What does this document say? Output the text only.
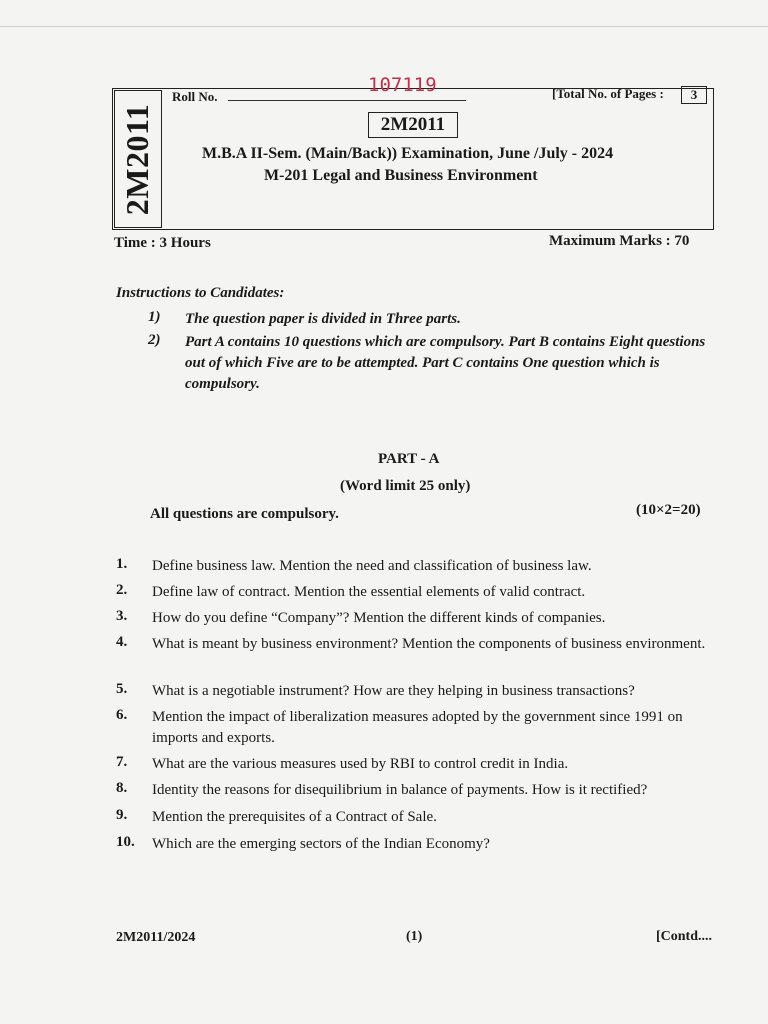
2M2011
Roll No.
107119	[Total No. of Pages :	3
2M2011
M.B.A II-Sem. (Main/Back)) Examination, June /July - 2024
M-201 Legal and Business Environment
Time : 3 Hours	Maximum Marks : 70
Instructions to Candidates:
1)	The question paper is divided in Three parts.
2)	Part A contains 10 questions which are compulsory. Part B contains Eight questions out of which Five are to be attempted. Part C contains One question which is compulsory.
PART - A
(Word limit 25 only)
All questions are compulsory.	(10×2=20)
1.	Define business law. Mention the need and classification of business law.
2.	Define law of contract. Mention the essential elements of valid contract.
3.	How do you define “Company”? Mention the different kinds of companies.
4.	What is meant by business environment? Mention the components of business environment.
5.	What is a negotiable instrument? How are they helping in business transactions?
6.	Mention the impact of liberalization measures adopted by the government since 1991 on imports and exports.
7.	What are the various measures used by RBI to control credit in India.
8.	Identity the reasons for disequilibrium in balance of payments. How is it rectified?
9.	Mention the prerequisites of a Contract of Sale.
10.	Which are the emerging sectors of the Indian Economy?
2M2011/2024	(1)	[Contd....
